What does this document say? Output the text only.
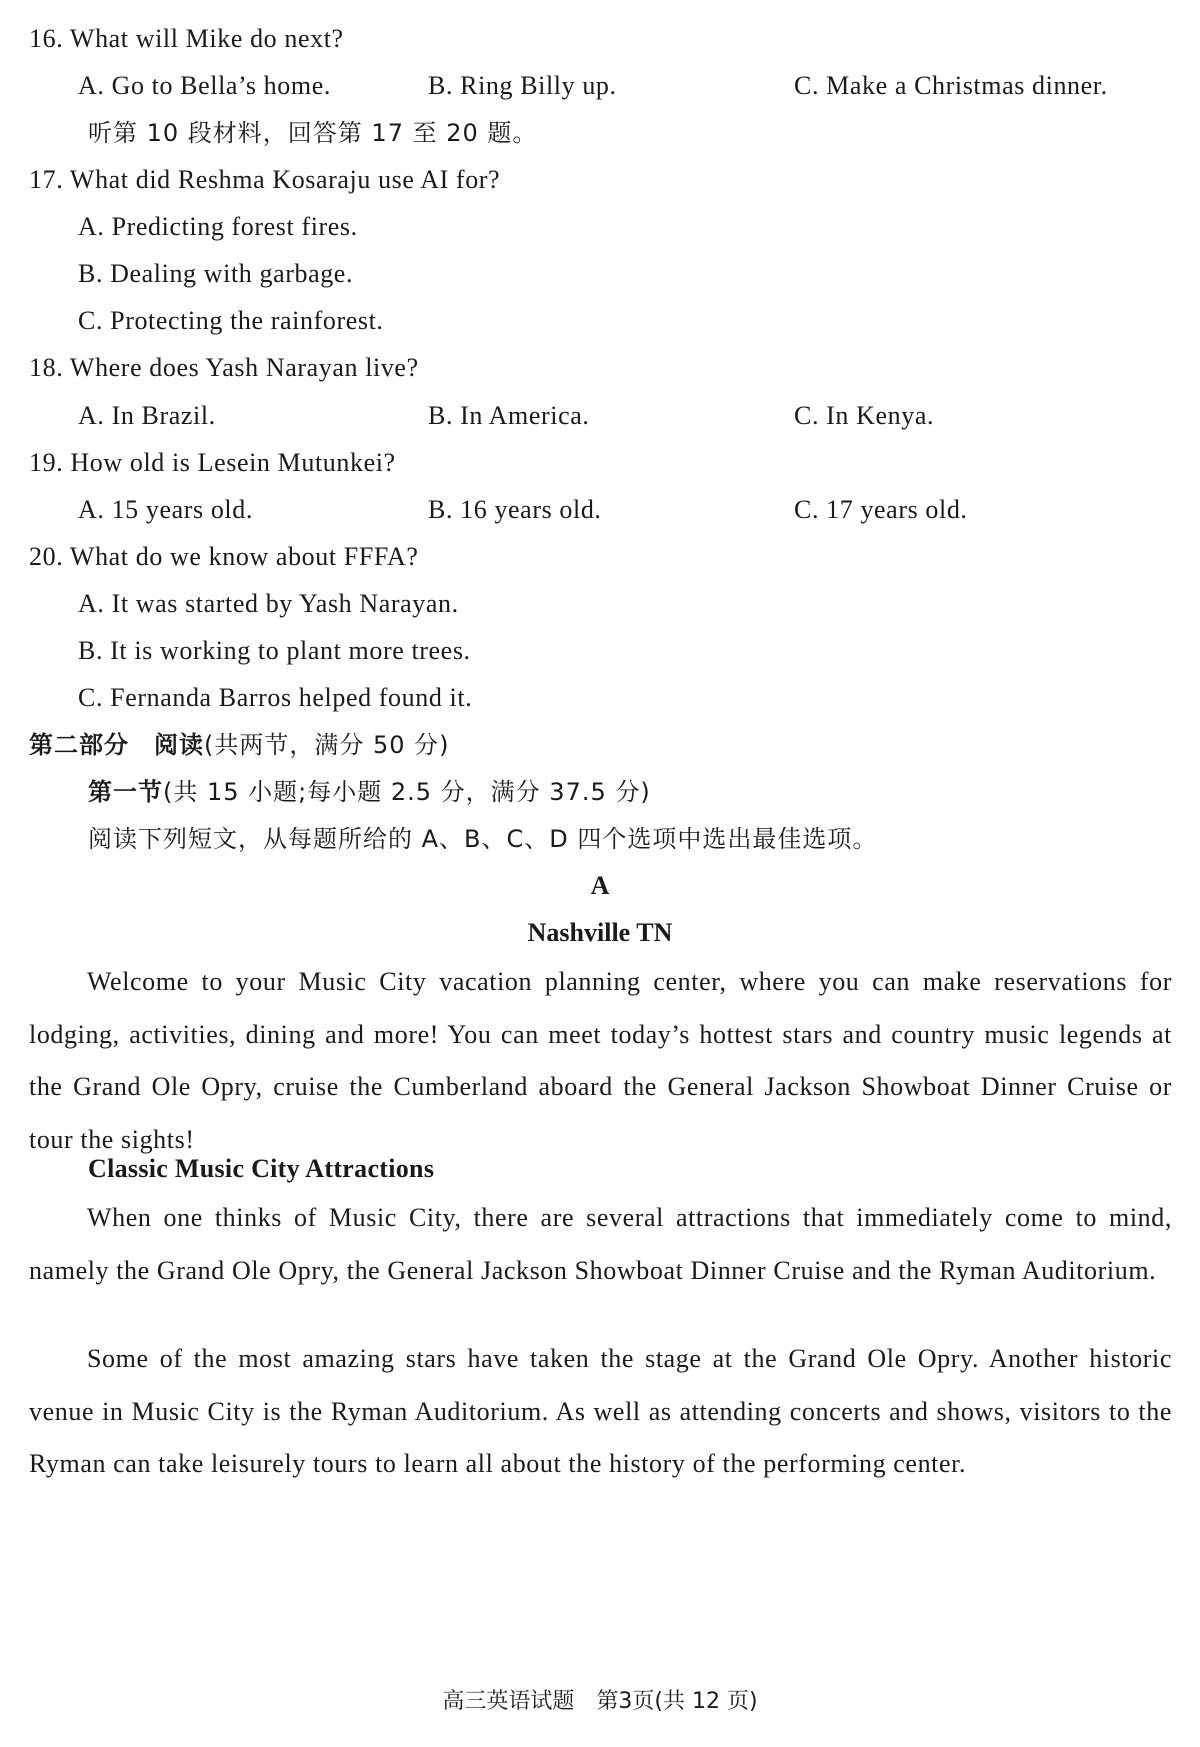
16. What will Mike do next?
A. Go to Bella’s home.	B. Ring Billy up.	C. Make a Christmas dinner.
听第 10 段材料，回答第 17 至 20 题。
17. What did Reshma Kosaraju use AI for?
A. Predicting forest fires.
B. Dealing with garbage.
C. Protecting the rainforest.
18. Where does Yash Narayan live?
A. In Brazil.	B. In America.	C. In Kenya.
19. How old is Lesein Mutunkei?
A. 15 years old.	B. 16 years old.	C. 17 years old.
20. What do we know about FFFA?
A. It was started by Yash Narayan.
B. It is working to plant more trees.
C. Fernanda Barros helped found it.
第二部分　阅读(共两节，满分 50 分)
第一节(共 15 小题;每小题 2.5 分，满分 37.5 分)
阅读下列短文，从每题所给的 A、B、C、D 四个选项中选出最佳选项。
A
Nashville TN

Welcome to your Music City vacation planning center, where you can make reservations for lodging, activities, dining and more! You can meet today’s hottest stars and country music legends at the Grand Ole Opry, cruise the Cumberland aboard the General Jackson Showboat Dinner Cruise or tour the sights!

Classic Music City Attractions

When one thinks of Music City, there are several attractions that immediately come to mind, namely the Grand Ole Opry, the General Jackson Showboat Dinner Cruise and the Ryman Auditorium.

Some of the most amazing stars have taken the stage at the Grand Ole Opry. Another historic venue in Music City is the Ryman Auditorium. As well as attending concerts and shows, visitors to the Ryman can take leisurely tours to learn all about the history of the performing center.

高三英语试题　第3页(共 12 页)
